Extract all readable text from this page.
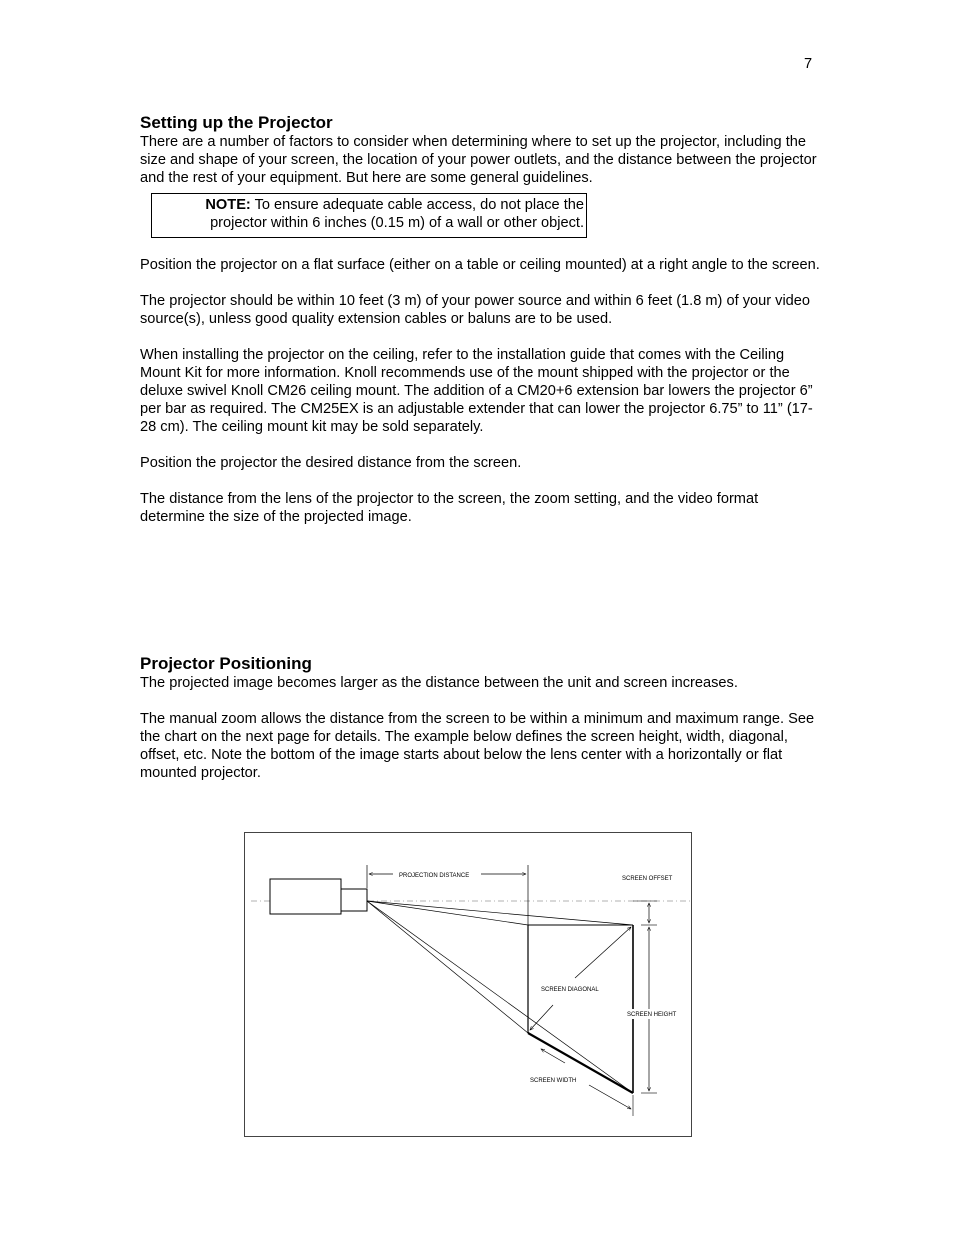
7
Setting up the Projector

There are a number of factors to consider when determining where to set up the projector, including the size and shape of your screen, the location of your power outlets, and the distance between the projector and the rest of your equipment. But here are some general guidelines.

NOTE: To ensure adequate cable access, do not place the
projector within 6 inches (0.15 m) of a wall or other object.

Position the projector on a flat surface (either on a table or ceiling mounted) at a right angle to the screen.

The projector should be within 10 feet (3 m) of your power source and within 6 feet (1.8 m) of your video source(s), unless good quality extension cables or baluns are to be used.

When installing the projector on the ceiling, refer to the installation guide that comes with the Ceiling Mount Kit for more information. Knoll recommends use of the mount shipped with the projector or the deluxe swivel Knoll CM26 ceiling mount. The addition of a CM20+6 extension bar lowers the projector 6” per bar as required. The CM25EX is an adjustable extender that can lower the projector 6.75” to 11” (17-28 cm). The ceiling mount kit may be sold separately.

Position the projector the desired distance from the screen.

The distance from the lens of the projector to the screen, the zoom setting, and the video format determine the size of the projected image.

Projector Positioning

The projected image becomes larger as the distance between the unit and screen increases.

The manual zoom allows the distance from the screen to be within a minimum and maximum range. See the chart on the next page for details. The example below defines the screen height, width, diagonal, offset, etc. Note the bottom of the image starts about below the lens center with a horizontally or flat mounted projector.

PROJECTION DISTANCE	SCREEN OFFSET
SCREEN HEIGHT
SCREEN DIAGONAL
SCREEN WIDTH
